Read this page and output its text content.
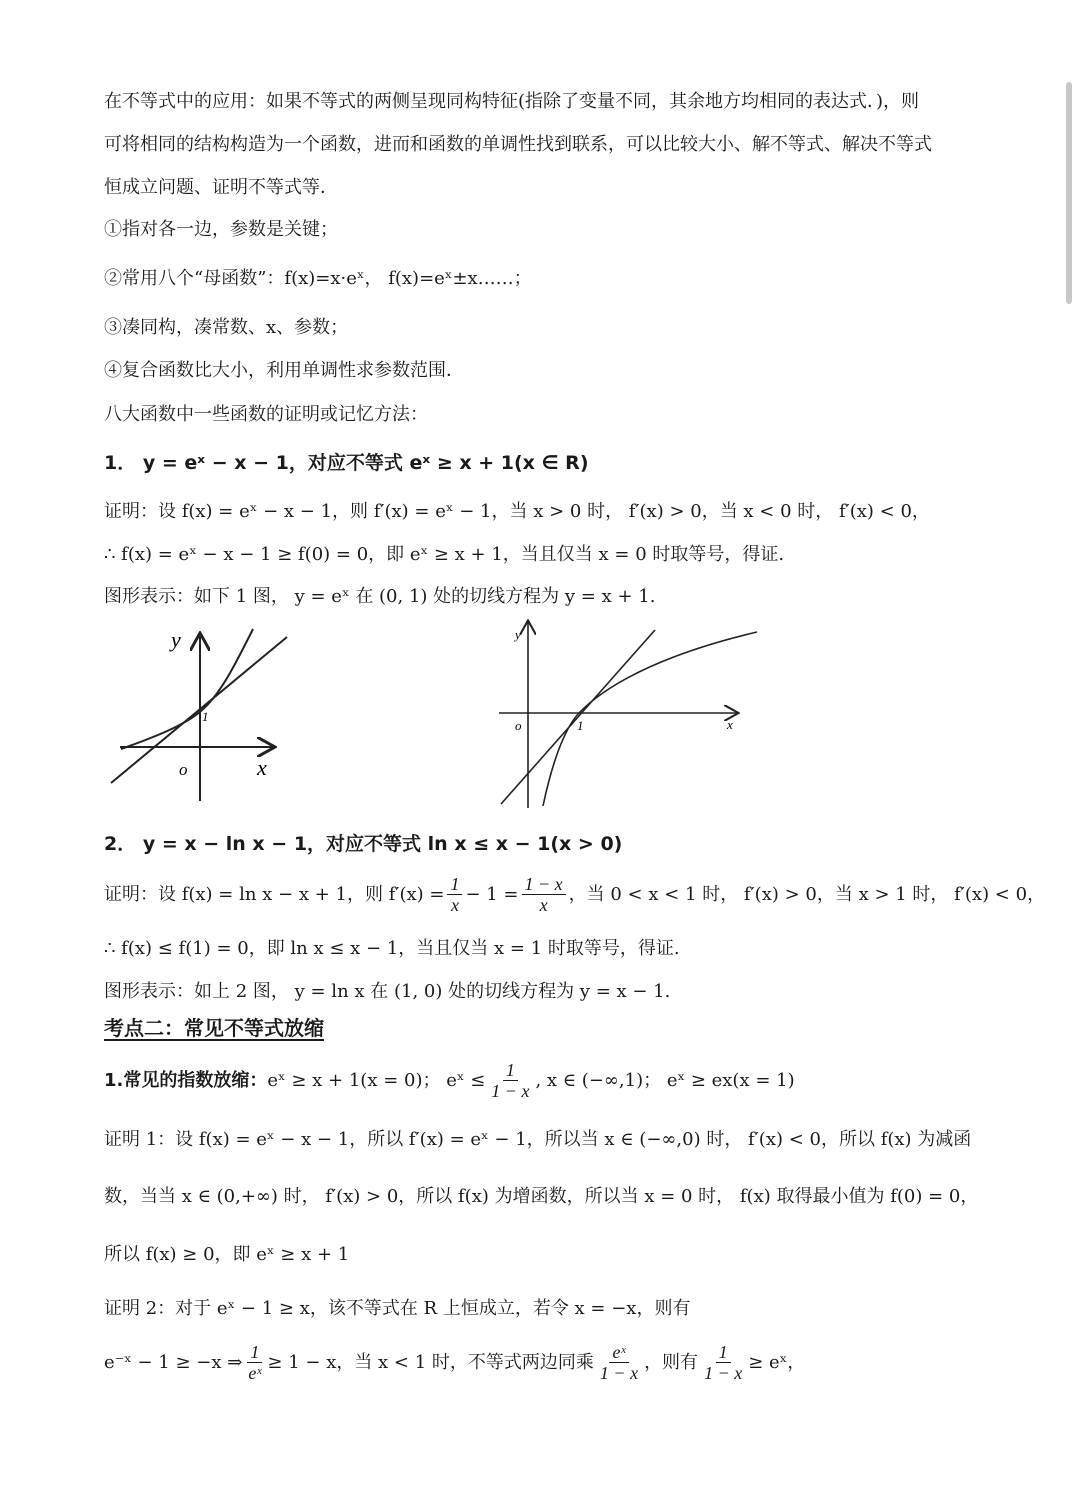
在不等式中的应用：如果不等式的两侧呈现同构特征(指除了变量不同，其余地方均相同的表达式．)，则
可将相同的结构构造为一个函数，进而和函数的单调性找到联系，可以比较大小、解不等式、解决不等式
恒成立问题、证明不等式等．
①指对各一边，参数是关键；
②常用八个“母函数”：f(x)=x·eˣ， f(x)=eˣ±x……；
③凑同构，凑常数、x、参数；
④复合函数比大小，利用单调性求参数范围．
八大函数中一些函数的证明或记忆方法：
1． y = eˣ − x − 1，对应不等式 eˣ ≥ x + 1(x ∈ R)
证明：设 f(x) = eˣ − x − 1，则 f′(x) = eˣ − 1，当 x > 0 时， f′(x) > 0，当 x < 0 时， f′(x) < 0，
∴ f(x) = eˣ − x − 1 ≥ f(0) = 0，即 eˣ ≥ x + 1，当且仅当 x = 0 时取等号，得证.
图形表示：如下 1 图， y = eˣ 在 (0, 1) 处的切线方程为 y = x + 1.
y
x
o
1
y
x
o	1
2． y = x − ln x − 1，对应不等式 ln x ≤ x − 1(x > 0)
证明：设 f(x) = ln x − x + 1，则 $f'(x) = \frac{1}{x} - 1 = \frac{1 - x}{x}$ ，当 0 < x < 1 时， f′(x) > 0，当 x > 1 时， f′(x) < 0，
∴ f(x) ≤ f(1) = 0，即 ln x ≤ x − 1，当且仅当 x = 1 时取等号，得证.
图形表示：如上 2 图， y = ln x 在 (1, 0) 处的切线方程为 y = x − 1.
考点二：常见不等式放缩
1.常见的指数放缩： eˣ ≥ x + 1(x = 0)； eˣ ≤ $\frac{1}{1 - x}$ , x ∈ (−∞,1)； eˣ ≥ ex(x = 1)
证明 1：设 f(x) = eˣ − x − 1，所以 f′(x) = eˣ − 1，所以当 x ∈ (−∞,0) 时， f′(x) < 0，所以 f(x) 为减函
数，当当 x ∈ (0,+∞) 时， f′(x) > 0，所以 f(x) 为增函数，所以当 x = 0 时， f(x) 取得最小值为 f(0) = 0，
所以 f(x) ≥ 0，即 eˣ ≥ x + 1
证明 2：对于 eˣ − 1 ≥ x，该不等式在 R 上恒成立，若令 x = −x，则有
e⁻ˣ − 1 ≥ −x ⇒ $\frac{1}{\text{eˣ}} \ge 1 - x$，当 x < 1 时，不等式两边同乘 $\frac{\text{eˣ}}{1 - x}$ ，则有 $\frac{1}{1 - x}$ ≥ eˣ，
